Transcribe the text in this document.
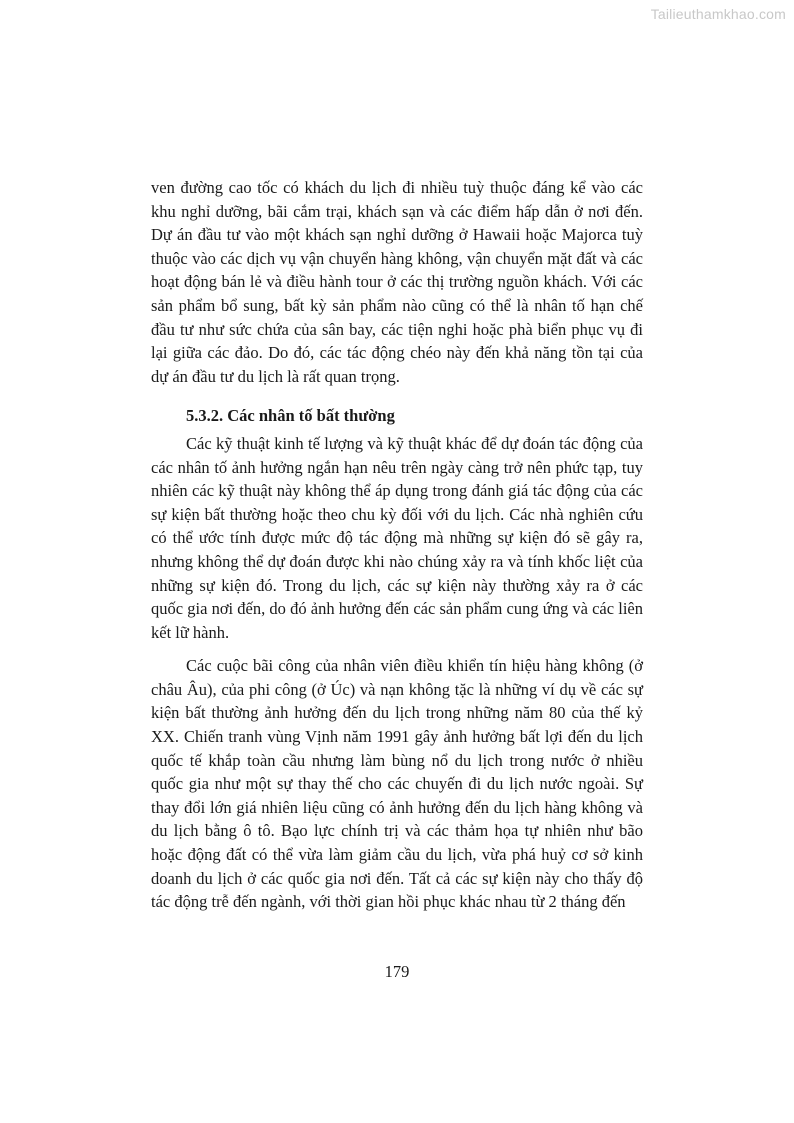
Tailieuthamkhao.com

ven đường cao tốc có khách du lịch đi nhiều tuỳ thuộc đáng kể vào các khu nghỉ dưỡng, bãi cắm trại, khách sạn và các điểm hấp dẫn ở nơi đến. Dự án đầu tư vào một khách sạn nghỉ dưỡng ở Hawaii hoặc Majorca tuỳ thuộc vào các dịch vụ vận chuyển hàng không, vận chuyển mặt đất và các hoạt động bán lẻ và điều hành tour ở các thị trường nguồn khách. Với các sản phẩm bổ sung, bất kỳ sản phẩm nào cũng có thể là nhân tố hạn chế đầu tư như sức chứa của sân bay, các tiện nghi hoặc phà biển phục vụ đi lại giữa các đảo. Do đó, các tác động chéo này đến khả năng tồn tại của dự án đầu tư du lịch là rất quan trọng.

5.3.2. Các nhân tố bất thường

Các kỹ thuật kinh tế lượng và kỹ thuật khác để dự đoán tác động của các nhân tố ảnh hưởng ngắn hạn nêu trên ngày càng trở nên phức tạp, tuy nhiên các kỹ thuật này không thể áp dụng trong đánh giá tác động của các sự kiện bất thường hoặc theo chu kỳ đối với du lịch. Các nhà nghiên cứu có thể ước tính được mức độ tác động mà những sự kiện đó sẽ gây ra, nhưng không thể dự đoán được khi nào chúng xảy ra và tính khốc liệt của những sự kiện đó. Trong du lịch, các sự kiện này thường xảy ra ở các quốc gia nơi đến, do đó ảnh hưởng đến các sản phẩm cung ứng và các liên kết lữ hành.

Các cuộc bãi công của nhân viên điều khiển tín hiệu hàng không (ở châu Âu), của phi công (ở Úc) và nạn không tặc là những ví dụ về các sự kiện bất thường ảnh hưởng đến du lịch trong những năm 80 của thế kỷ XX. Chiến tranh vùng Vịnh năm 1991 gây ảnh hưởng bất lợi đến du lịch quốc tế khắp toàn cầu nhưng làm bùng nổ du lịch trong nước ở nhiều quốc gia như một sự thay thế cho các chuyến đi du lịch nước ngoài. Sự thay đổi lớn giá nhiên liệu cũng có ảnh hưởng đến du lịch hàng không và du lịch bằng ô tô. Bạo lực chính trị và các thảm họa tự nhiên như bão hoặc động đất có thể vừa làm giảm cầu du lịch, vừa phá huỷ cơ sở kinh doanh du lịch ở các quốc gia nơi đến. Tất cả các sự kiện này cho thấy độ tác động trễ đến ngành, với thời gian hồi phục khác nhau từ 2 tháng đến

179
